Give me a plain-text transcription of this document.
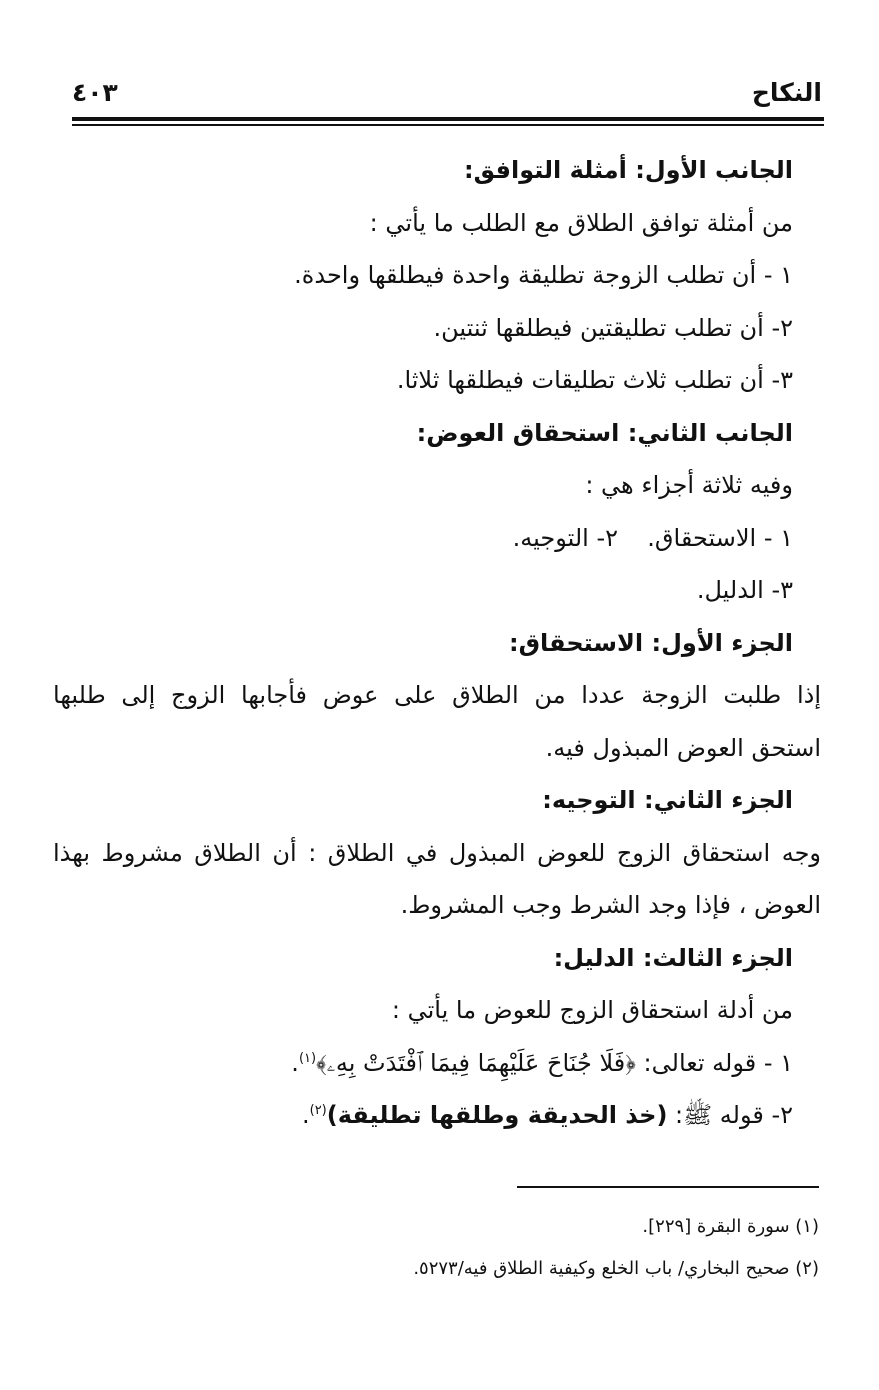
النكاح
٤٠٣
الجانب الأول: أمثلة التوافق:
من أمثلة توافق الطلاق مع الطلب ما يأتي :
١ - أن تطلب الزوجة تطليقة واحدة فيطلقها واحدة.
٢- أن تطلب تطليقتين فيطلقها ثنتين.
٣- أن تطلب ثلاث تطليقات فيطلقها ثلاثا.
الجانب الثاني: استحقاق العوض:
وفيه ثلاثة أجزاء هي :
١ - الاستحقاق.
٢- التوجيه.
٣- الدليل.
الجزء الأول: الاستحقاق:
إذا طلبت الزوجة عددا من الطلاق على عوض فأجابها الزوج إلى طلبها
استحق العوض المبذول فيه.
الجزء الثاني: التوجيه:
وجه استحقاق الزوج للعوض المبذول في الطلاق : أن الطلاق مشروط بهذا
العوض ، فإذا وجد الشرط وجب المشروط.
الجزء الثالث: الدليل:
من أدلة استحقاق الزوج للعوض ما يأتي :
١ - قوله تعالى: ﴿فَلَا جُنَاحَ عَلَيْهِمَا فِيمَا ٱفْتَدَتْ بِهِۦ﴾$^{(١)}$.
٢- قوله ﷺ: (خذ الحديقة وطلقها تطليقة)$^{(٢)}$.
(١) سورة البقرة [٢٢٩].
(٢) صحيح البخاري/ باب الخلع وكيفية الطلاق فيه/٥٢٧٣.
